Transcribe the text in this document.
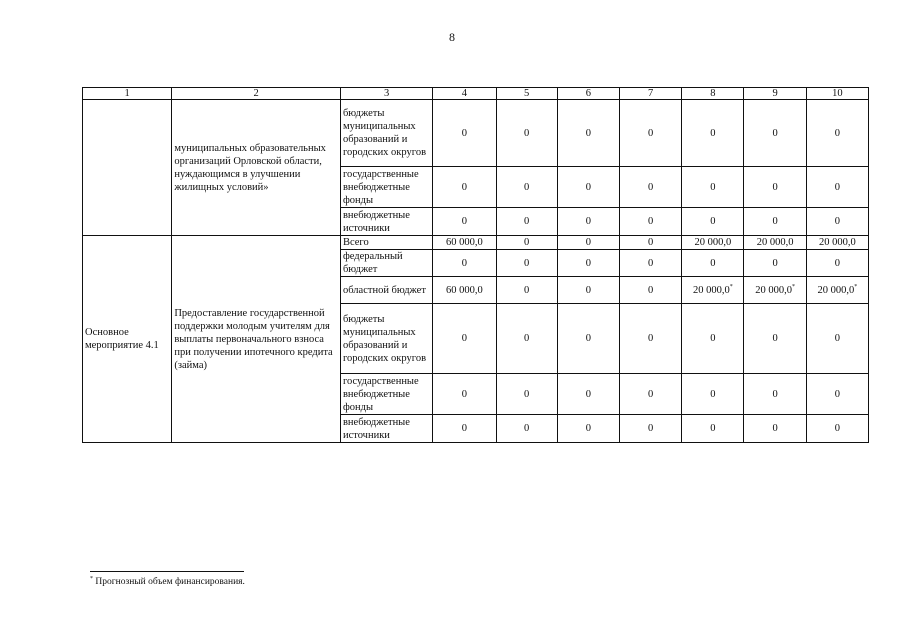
8
1	2	3	4	5	6	7	8	9	10
	муниципальных образовательных организаций Орловской области, нуждающимся в улучшении жилищных условий»	бюджеты муниципальных образований и городских округов	0	0	0	0	0	0	0
		государственные внебюджетные фонды	0	0	0	0	0	0	0
		внебюджетные источники	0	0	0	0	0	0	0
Основное мероприятие 4.1	Предоставление государственной поддержки молодым учителям для выплаты первоначального взноса при получении ипотечного кредита (займа)	Всего	60 000,0	0	0	0	20 000,0	20 000,0	20 000,0
		федеральный бюджет	0	0	0	0	0	0	0
		областной бюджет	60 000,0	0	0	0	20 000,0*	20 000,0*	20 000,0*
		бюджеты муниципальных образований и городских округов	0	0	0	0	0	0	0
		государственные внебюджетные фонды	0	0	0	0	0	0	0
		внебюджетные источники	0	0	0	0	0	0	0
* Прогнозный объем финансирования.
